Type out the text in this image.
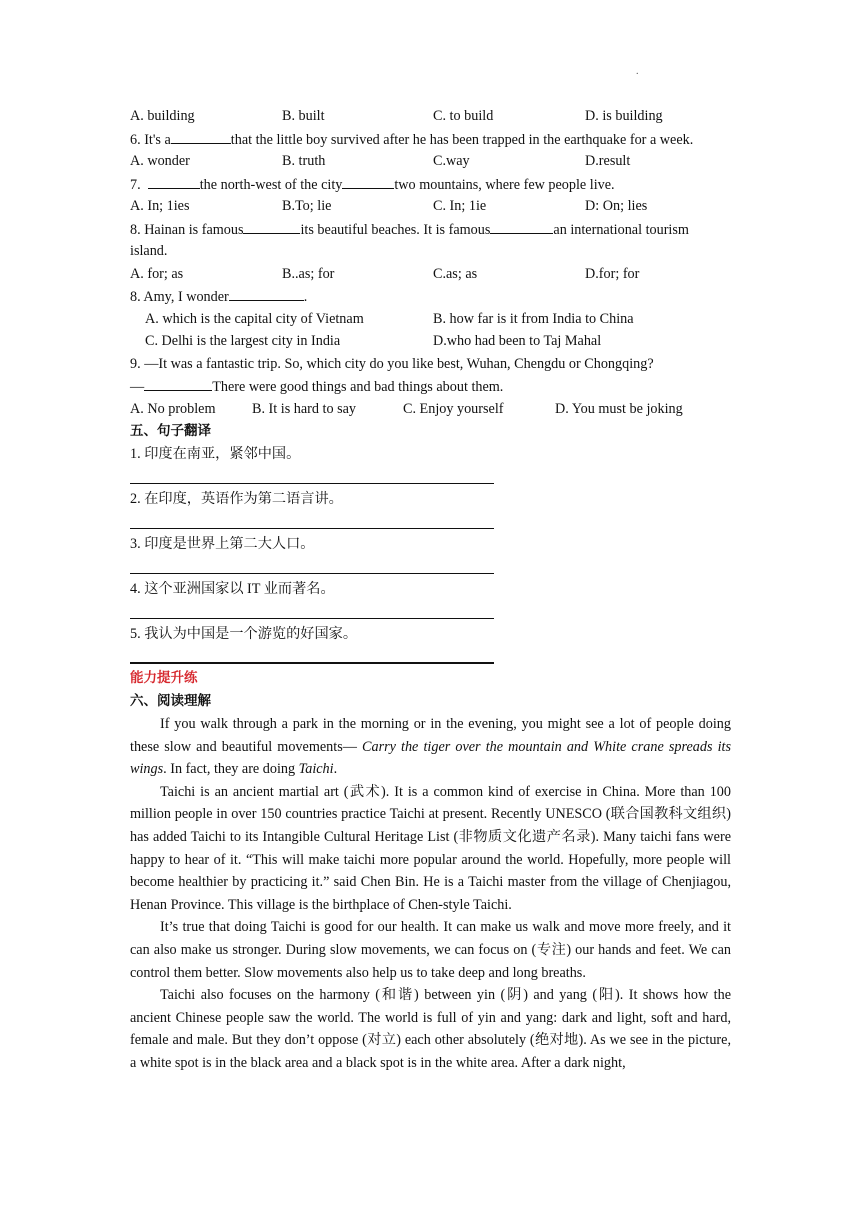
.
A. building	B. built	C. to build	D. is building
6. It's a	that the little boy survived after he has been trapped in the earthquake for a week.
A. wonder	B. truth	C.way	D.result
7.	the north-west of the city	two mountains, where few people live.
A. In; 1ies	B.To; lie	C. In; 1ie	D: On; lies
8. Hainan is famous	its beautiful beaches. It is famous	an international tourism
island.
A. for; as	B..as; for	C.as; as	D.for; for
8. Amy, I wonder	.
A. which is the capital city of Vietnam	B. how far is it from India to China
C. Delhi is the largest city in India	D.who had been to Taj Mahal
9. —It was a fantastic trip. So, which city do you like best, Wuhan, Chengdu or Chongqing?
—	There were good things and bad things about them.
A. No problem	B. It is hard to say	C. Enjoy yourself	D. You must be joking
五、句子翻译
1. 印度在南亚，紧邻中国。
2. 在印度，英语作为第二语言讲。
3. 印度是世界上第二大人口。
4. 这个亚洲国家以 IT 业而著名。
5. 我认为中国是一个游览的好国家。
能力提升练
六、阅读理解

If you walk through a park in the morning or in the evening, you might see a lot of people doing these slow and beautiful movements— Carry the tiger over the mountain and White crane spreads its wings. In fact, they are doing Taichi.

Taichi is an ancient martial art (武术). It is a common kind of exercise in China. More than 100 million people in over 150 countries practice Taichi at present. Recently UNESCO (联合国教科文组织) has added Taichi to its Intangible Cultural Heritage List (非物质文化遗产名录). Many taichi fans were happy to hear of it. “This will make taichi more popular around the world. Hopefully, more people will become healthier by practicing it.” said Chen Bin. He is a Taichi master from the village of Chenjiagou, Henan Province. This village is the birthplace of Chen-style Taichi.

It’s true that doing Taichi is good for our health. It can make us walk and move more freely, and it can also make us stronger. During slow movements, we can focus on (专注) our hands and feet. We can control them better. Slow movements also help us to take deep and long breaths.

Taichi also focuses on the harmony (和谐) between yin (阴) and yang (阳). It shows how the ancient Chinese people saw the world. The world is full of yin and yang: dark and light, soft and hard, female and male. But they don’t oppose (对立) each other absolutely (绝对地). As we see in the picture, a white spot is in the black area and a black spot is in the white area. After a dark night,
